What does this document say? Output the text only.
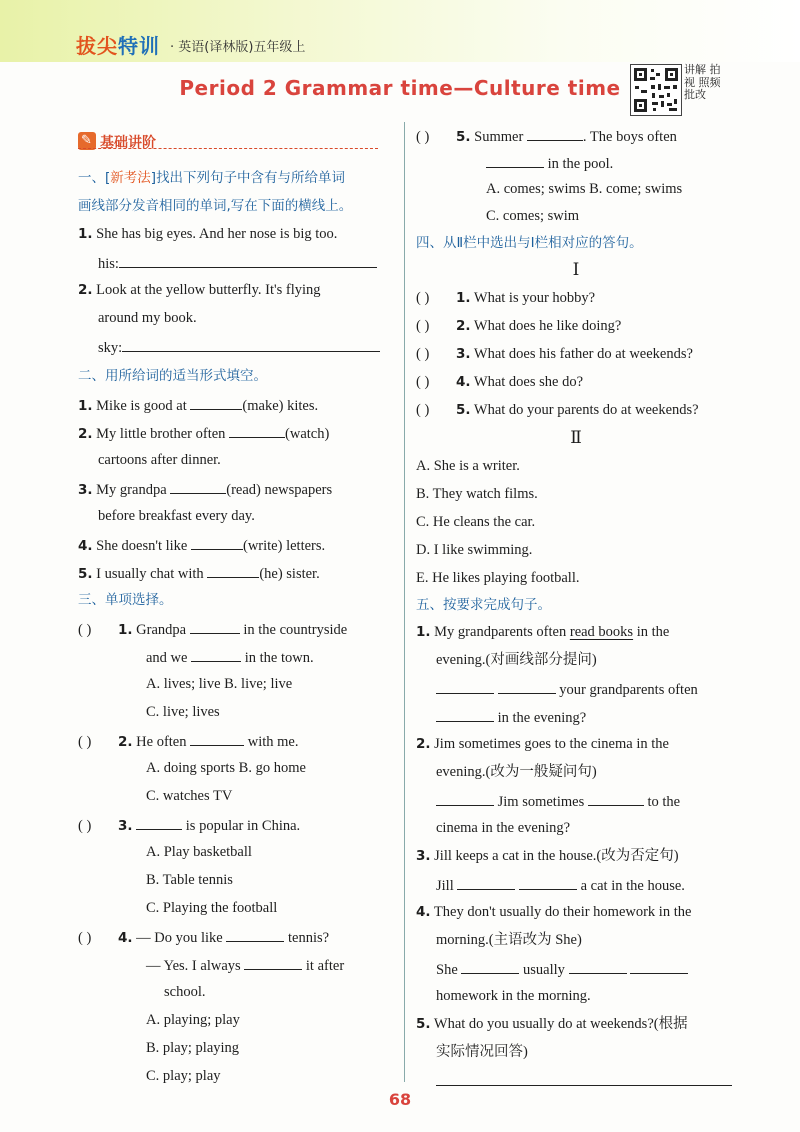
拔尖特训 · 英语(译林版)五年级上
Period 2 Grammar time—Culture time
讲解 拍视 照频 批改
✎基础讲阶
一、[新考法]找出下列句子中含有与所给单词
画线部分发音相同的单词,写在下面的横线上。
1. She has big eyes. And her nose is big too.
his:
2. Look at the yellow butterfly. It's flying
around my book.
sky:
二、用所给词的适当形式填空。
1. Mike is good at	(make) kites.
2. My little brother often	(watch)
cartoons after dinner.
3. My grandpa	(read) newspapers
before breakfast every day.
4. She doesn't like	(write) letters.
5. I usually chat with	(he) sister.
三、单项选择。
( ) 1. Grandpa	in the countryside
and we	in the town.
A. lives; live B. live; live
C. live; lives
( ) 2. He often	with me.
A. doing sports B. go home
C. watches TV
( ) 3.	is popular in China.
A. Play basketball
B. Table tennis
C. Playing the football
( ) 4. — Do you like	tennis?
— Yes. I always	it after
school.
A. playing; play
B. play; playing
C. play; play
( ) 5. Summer	. The boys often
in the pool.
A. comes; swims B. come; swims
C. comes; swim
四、从Ⅱ栏中选出与Ⅰ栏相对应的答句。
Ⅰ
( ) 1. What is your hobby?
( ) 2. What does he like doing?
( ) 3. What does his father do at weekends?
( ) 4. What does she do?
( ) 5. What do your parents do at weekends?
Ⅱ
A. She is a writer.
B. They watch films.
C. He cleans the car.
D. I like swimming.
E. He likes playing football.
五、按要求完成句子。
1. My grandparents often read books in the
evening.(对画线部分提问)
your grandparents often
in the evening?
2. Jim sometimes goes to the cinema in the
evening.(改为一般疑问句)
Jim sometimes	to the
cinema in the evening?
3. Jill keeps a cat in the house.(改为否定句)
Jill	a cat in the house.
4. They don't usually do their homework in the
morning.(主语改为 She)
She	usually
homework in the morning.
5. What do you usually do at weekends?(根据
实际情况回答)
68
